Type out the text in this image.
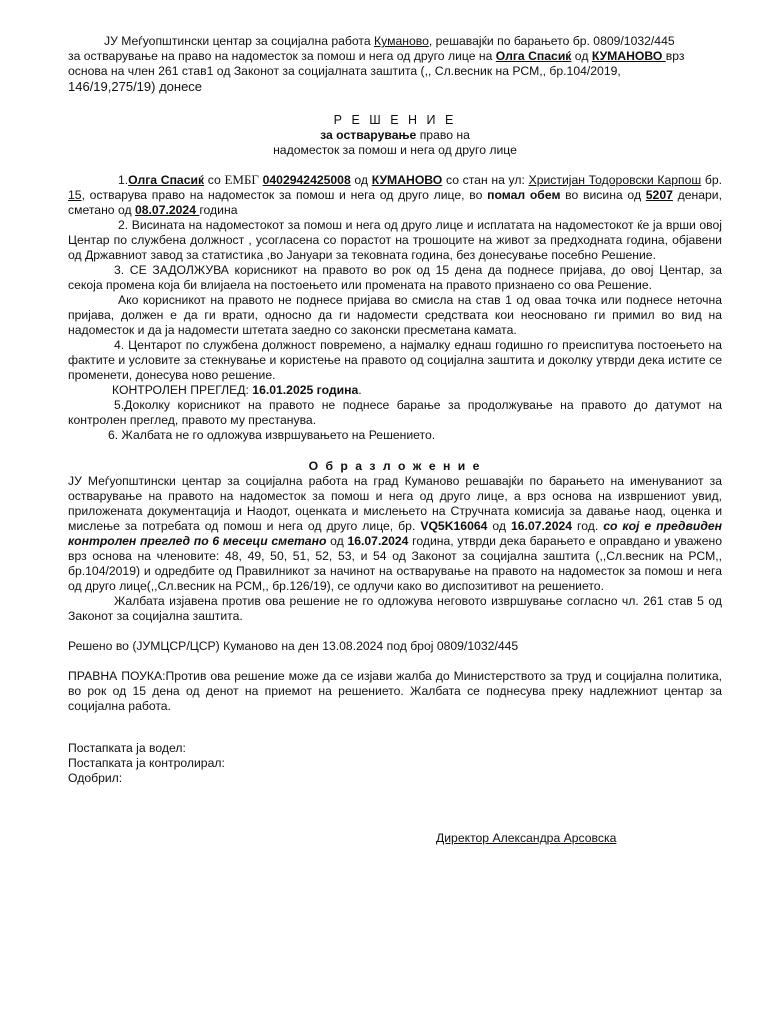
ЈУ Меѓуопштински центар за социјална работа Куманово, решавајќи по барањето бр. 0809/1032/445

за остварување на право на надоместок за помош и нега од друго лице на Олга Спасиќ од КУМАНОВО врз

основа на член 261 став1 од Законот за социјалната заштита (,, Сл.весник на РСМ,, бр.104/2019,

146/19,275/19) донесе

Р Е Ш Е Н И Е

за остварување право на

надоместок за помош и нега од друго лице

1.Олга Спасиќ со ЕМБГ 0402942425008 од КУМАНОВО со стан на ул: Христијан Тодоровски Карпош бр. 15, остварува право на надоместок за помош и нега од друго лице, во помал обем во висина од 5207 денари, сметано од 08.07.2024 година

2. Висината на надоместокот за помош и нега од друго лице и исплатата на надоместокот ќе ја врши овој Центар по службена должност , усогласена со порастот на трошоците на живот за предходната година, објавени од Државниот завод за статистика ,во Јануари за тековната година, без донесување посебно Решение.

3. СЕ ЗАДОЛЖУВА корисникот на правото во рок од 15 дена да поднесе пријава, до овој Центар, за секоја промена која би влијаела на постоењето или промената на правото признаено со ова Решение.

Ако корисникот на правото не поднесе пријава во смисла на став 1 од оваа точка или поднесе неточна пријава, должен е да ги врати, односно да ги надомести средствата кои неосновано ги примил во вид на надоместок и да ја надомести штетата заедно со законски пресметана камата.

4. Центарот по службена должност повремено, а најмалку еднаш годишно го преиспитува постоењето на фактите и условите за стекнување и користење на правото од социјална заштита и доколку утврди дека истите се променети, донесува ново решение.

КОНТРОЛЕН ПРЕГЛЕД: 16.01.2025 година.

5.Доколку корисникот на правото не поднесе барање за продолжување на правото до датумот на контролен преглед, правото му престанува.

6. Жалбата не го одложува извршувањето на Решението.

О б р а з л о ж е н и е

ЈУ Меѓуопштински центар за социјална работа на град Куманово решавајќи по барањето на именуваниот за остварување на правото на надоместок за помош и нега од друго лице, а врз основа на извршениот увид, приложената документација и Наодот, оценката и мислењето на Стручната комисија за давање наод, оценка и мислење за потребата од помош и нега од друго лице, бр. VQ5K16064 од 16.07.2024 год. со кој е предвиден контролен преглед по 6 месеци сметано од 16.07.2024 година, утврди дека барањето е оправдано и уважено врз основа на членовите: 48, 49, 50, 51, 52, 53, и 54 од Законот за социјална заштита (,,Сл.весник на РСМ,, бр.104/2019) и одредбите од Правилникот за начинот на остварување на правото на надоместок за помош и нега од друго лице(,,Сл.весник на РСМ,, бр.126/19), се одлучи како во диспозитивот на решението.

Жалбата изјавена против ова решение не го одложува неговото извршување согласно чл. 261 став 5 од Законот за социјална заштита.

Решено во (ЈУМЦСР/ЦСР) Куманово на ден 13.08.2024 под број 0809/1032/445

ПРАВНА ПОУКА:Против ова решение може да се изјави жалба до Министерството за труд и социјална политика, во рок од 15 дена од денот на приемот на решението. Жалбата се поднесува преку надлежниот центар за социјална работа.

Постапката ја водел:

Постапката ја контролирал:

Одобрил:

Директор Александра Арсовска
